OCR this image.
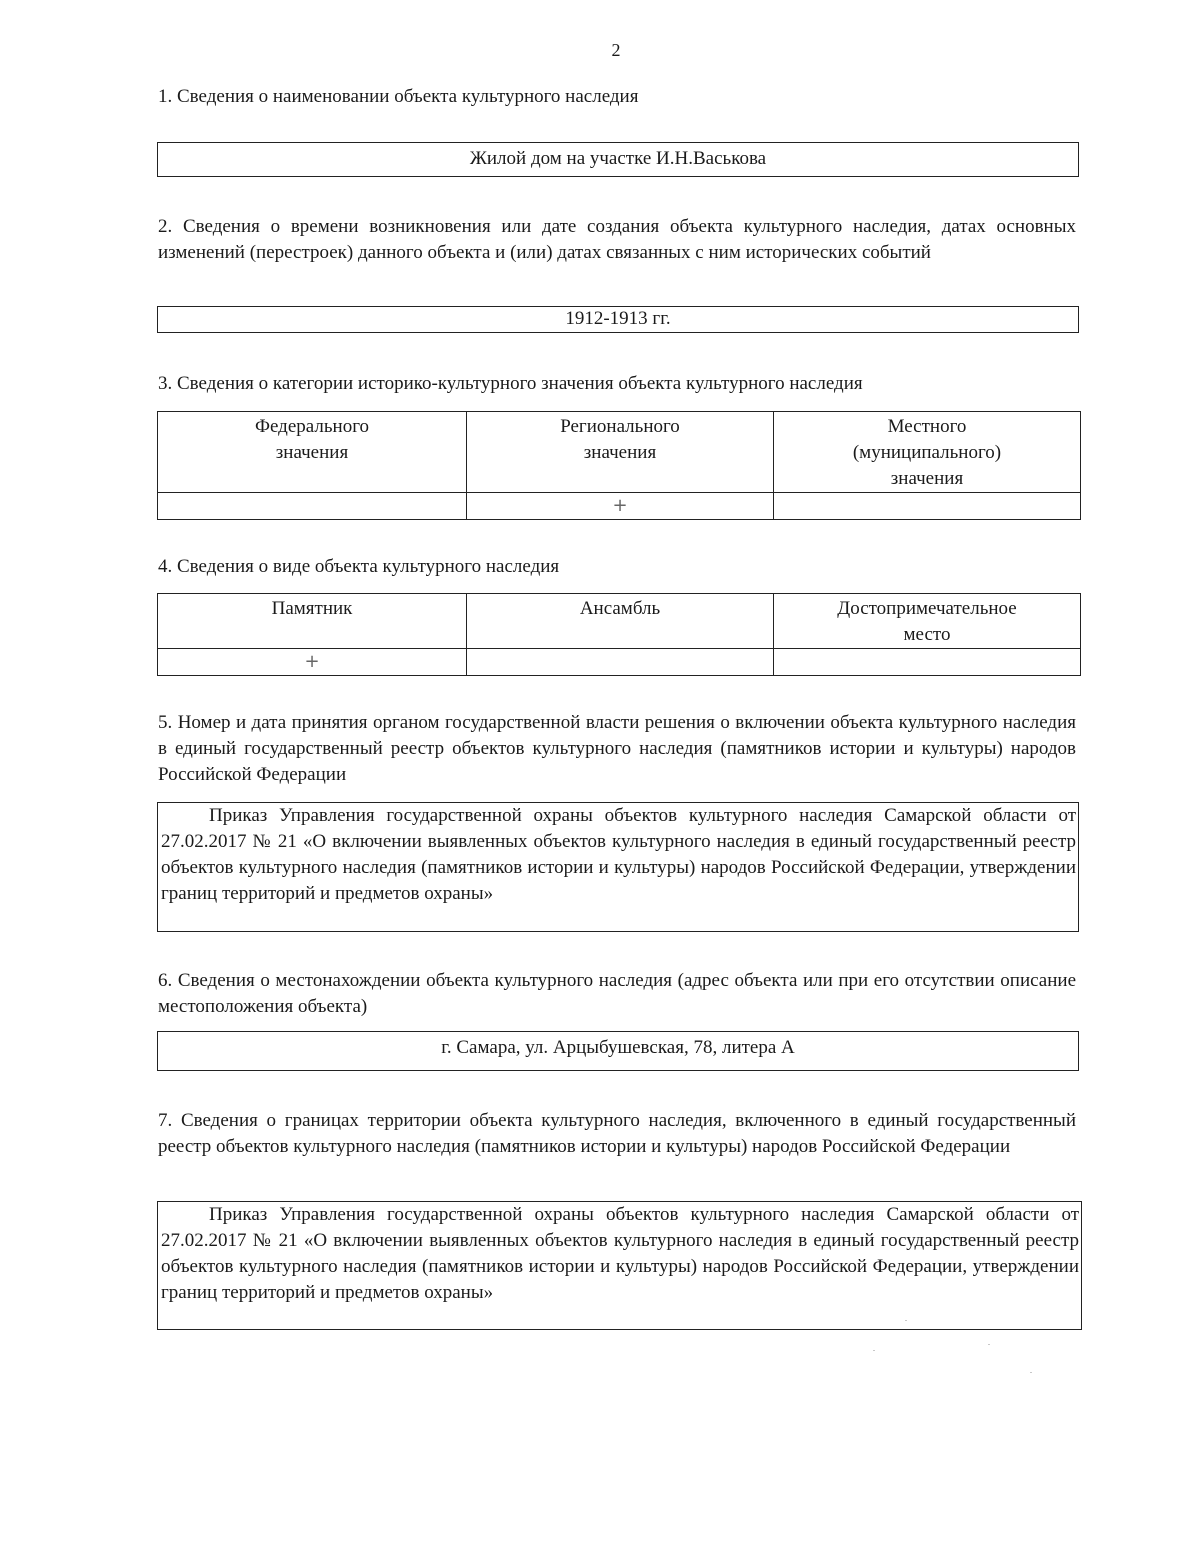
2
1. Сведения о наименовании объекта культурного наследия
Жилой дом на участке И.Н.Васькова
2. Сведения о времени возникновения или дате создания объекта культурного наследия, датах основных изменений (перестроек) данного объекта и (или) датах связанных с ним исторических событий
1912-1913 гг.
3. Сведения о категории историко-культурного значения объекта культурного наследия
Федерального значения	Регионального значения	Местного (муниципального) значения

	+	
4. Сведения о виде объекта культурного наследия
Памятник	Ансамбль	Достопримечательное место

+		
5. Номер и дата принятия органом государственной власти решения о включении объекта культурного наследия в единый государственный реестр объектов культурного наследия (памятников истории и культуры) народов Российской Федерации
Приказ Управления государственной охраны объектов культурного наследия Самарской области от 27.02.2017 № 21 «О включении выявленных объектов культурного наследия в единый государственный реестр объектов культурного наследия (памятников истории и культуры) народов Российской Федерации, утверждении границ территорий и предметов охраны»
6. Сведения о местонахождении объекта культурного наследия (адрес объекта или при его отсутствии описание местоположения объекта)
г. Самара, ул. Арцыбушевская, 78, литера А
7. Сведения о границах территории объекта культурного наследия, включенного в единый государственный реестр объектов культурного наследия (памятников истории и культуры) народов Российской Федерации
Приказ Управления государственной охраны объектов культурного наследия Самарской области от 27.02.2017 № 21 «О включении выявленных объектов культурного наследия в единый государственный реестр объектов культурного наследия (памятников истории и культуры) народов Российской Федерации, утверждении границ территорий и предметов охраны»
